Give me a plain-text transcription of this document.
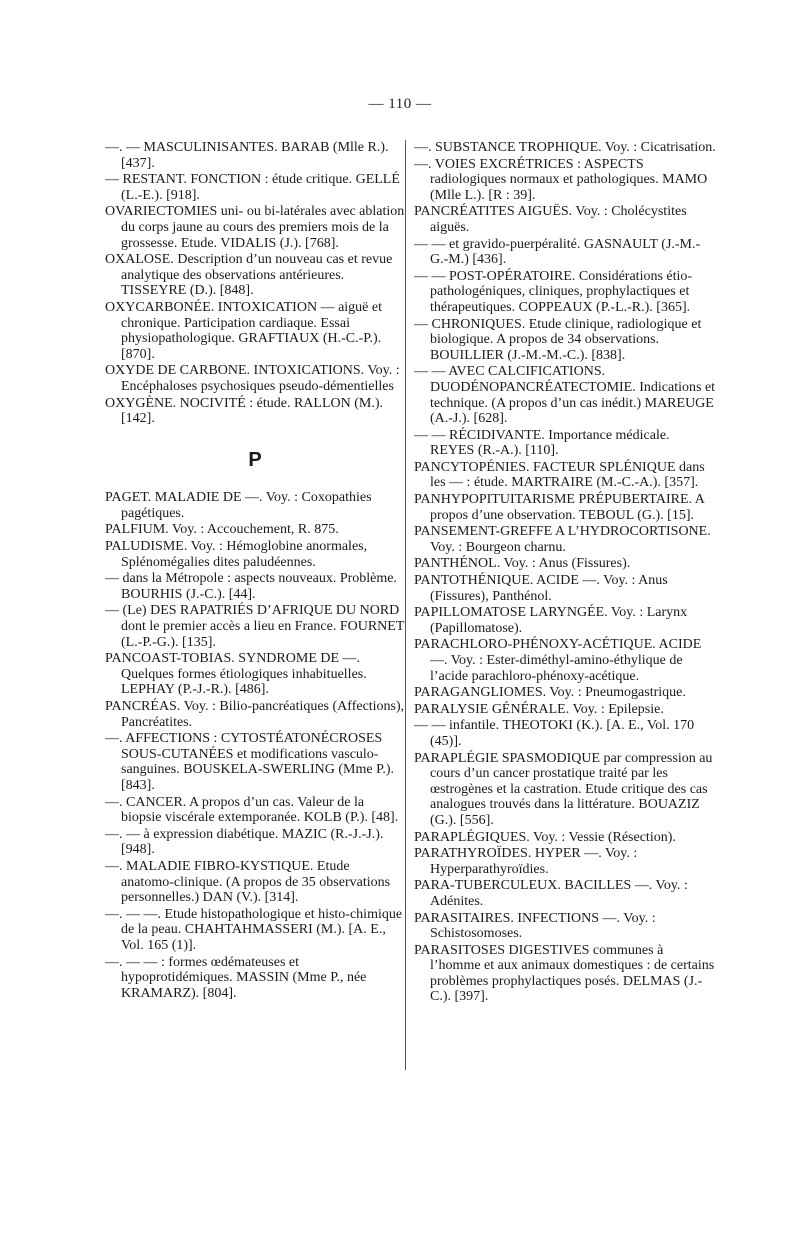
— 110 —

—. — MASCULINISANTES. BARAB (Mlle R.). [437].

— RESTANT. FONCTION : étude critique. GELLÉ (L.-E.). [918].

OVARIECTOMIES uni- ou bi-latérales avec ablation du corps jaune au cours des premiers mois de la grossesse. Etude. VIDALIS (J.). [768].

OXALOSE. Description d’un nouveau cas et revue analytique des observations antérieures. TISSEYRE (D.). [848].

OXYCARBONÉE. INTOXICATION — aiguë et chronique. Participation cardiaque. Essai physiopathologique. GRAFTIAUX (H.-C.-P.). [870].

OXYDE DE CARBONE. INTOXICATIONS. Voy. : Encéphaloses psychosiques pseudo-démentielles

OXYGÈNE. NOCIVITÉ : étude. RALLON (M.). [142].

P

PAGET. MALADIE DE —. Voy. : Coxopathies pagétiques.

PALFIUM. Voy. : Accouchement, R. 875.

PALUDISME. Voy. : Hémoglobine anormales, Splénomégalies dites paludéennes.

— dans la Métropole : aspects nouveaux. Problème. BOURHIS (J.-C.). [44].

— (Le) DES RAPATRIÉS D’AFRIQUE DU NORD dont le premier accès a lieu en France. FOURNET (L.-P.-G.). [135].

PANCOAST-TOBIAS. SYNDROME DE —. Quelques formes étiologiques inhabituelles. LEPHAY (P.-J.-R.). [486].

PANCRÉAS. Voy. : Bilio-pancréatiques (Affections), Pancréatites.

—. AFFECTIONS : CYTOSTÉATONÉCROSES SOUS-CUTANÉES et modifications vasculo-sanguines. BOUSKELA-SWERLING (Mme P.). [843].

—. CANCER. A propos d’un cas. Valeur de la biopsie viscérale extemporanée. KOLB (P.). [48].

—. — à expression diabétique. MAZIC (R.-J.-J.). [948].

—. MALADIE FIBRO-KYSTIQUE. Etude anatomo-clinique. (A propos de 35 observations personnelles.) DAN (V.). [314].

—. — —. Etude histopathologique et histo-chimique de la peau. CHAHTAHMASSERI (M.). [A. E., Vol. 165 (1)].

—. — — : formes œdémateuses et hypoprotidémiques. MASSIN (Mme P., née KRAMARZ). [804].

—. SUBSTANCE TROPHIQUE. Voy. : Cicatrisation.

—. VOIES EXCRÉTRICES : ASPECTS radiologiques normaux et pathologiques. MAMO (Mlle L.). [R : 39].

PANCRÉATITES AIGUËS. Voy. : Cholécystites aiguës.

— — et gravido-puerpéralité. GASNAULT (J.-M.-G.-M.) [436].

— — POST-OPÉRATOIRE. Considérations étio-pathologéniques, cliniques, prophylactiques et thérapeutiques. COPPEAUX (P.-L.-R.). [365].

— CHRONIQUES. Etude clinique, radiologique et biologique. A propos de 34 observations. BOUILLIER (J.-M.-M.-C.). [838].

— — AVEC CALCIFICATIONS. DUODÉNOPANCRÉATECTOMIE. Indications et technique. (A propos d’un cas inédit.) MAREUGE (A.-J.). [628].

— — RÉCIDIVANTE. Importance médicale. REYES (R.-A.). [110].

PANCYTOPÉNIES. FACTEUR SPLÉNIQUE dans les — : étude. MARTRAIRE (M.-C.-A.). [357].

PANHYPOPITUITARISME PRÉPUBERTAIRE. A propos d’une observation. TEBOUL (G.). [15].

PANSEMENT-GREFFE A L’HYDROCORTISONE. Voy. : Bourgeon charnu.

PANTHÉNOL. Voy. : Anus (Fissures).

PANTOTHÉNIQUE. ACIDE —. Voy. : Anus (Fissures), Panthénol.

PAPILLOMATOSE LARYNGÉE. Voy. : Larynx (Papillomatose).

PARACHLORO-PHÉNOXY-ACÉTIQUE. ACIDE —. Voy. : Ester-diméthyl-amino-éthylique de l’acide parachloro-phénoxy-acétique.

PARAGANGLIOMES. Voy. : Pneumogastrique.

PARALYSIE GÉNÉRALE. Voy. : Epilepsie.

— — infantile. THEOTOKI (K.). [A. E., Vol. 170 (45)].

PARAPLÉGIE SPASMODIQUE par compression au cours d’un cancer prostatique traité par les œstrogènes et la castration. Etude critique des cas analogues trouvés dans la littérature. BOUAZIZ (G.). [556].

PARAPLÉGIQUES. Voy. : Vessie (Résection).

PARATHYROÏDES. HYPER —. Voy. : Hyperparathyroïdies.

PARA-TUBERCULEUX. BACILLES —. Voy. : Adénites.

PARASITAIRES. INFECTIONS —. Voy. : Schistosomoses.

PARASITOSES DIGESTIVES communes à l’homme et aux animaux domestiques : de certains problèmes prophylactiques posés. DELMAS (J.-C.). [397].
